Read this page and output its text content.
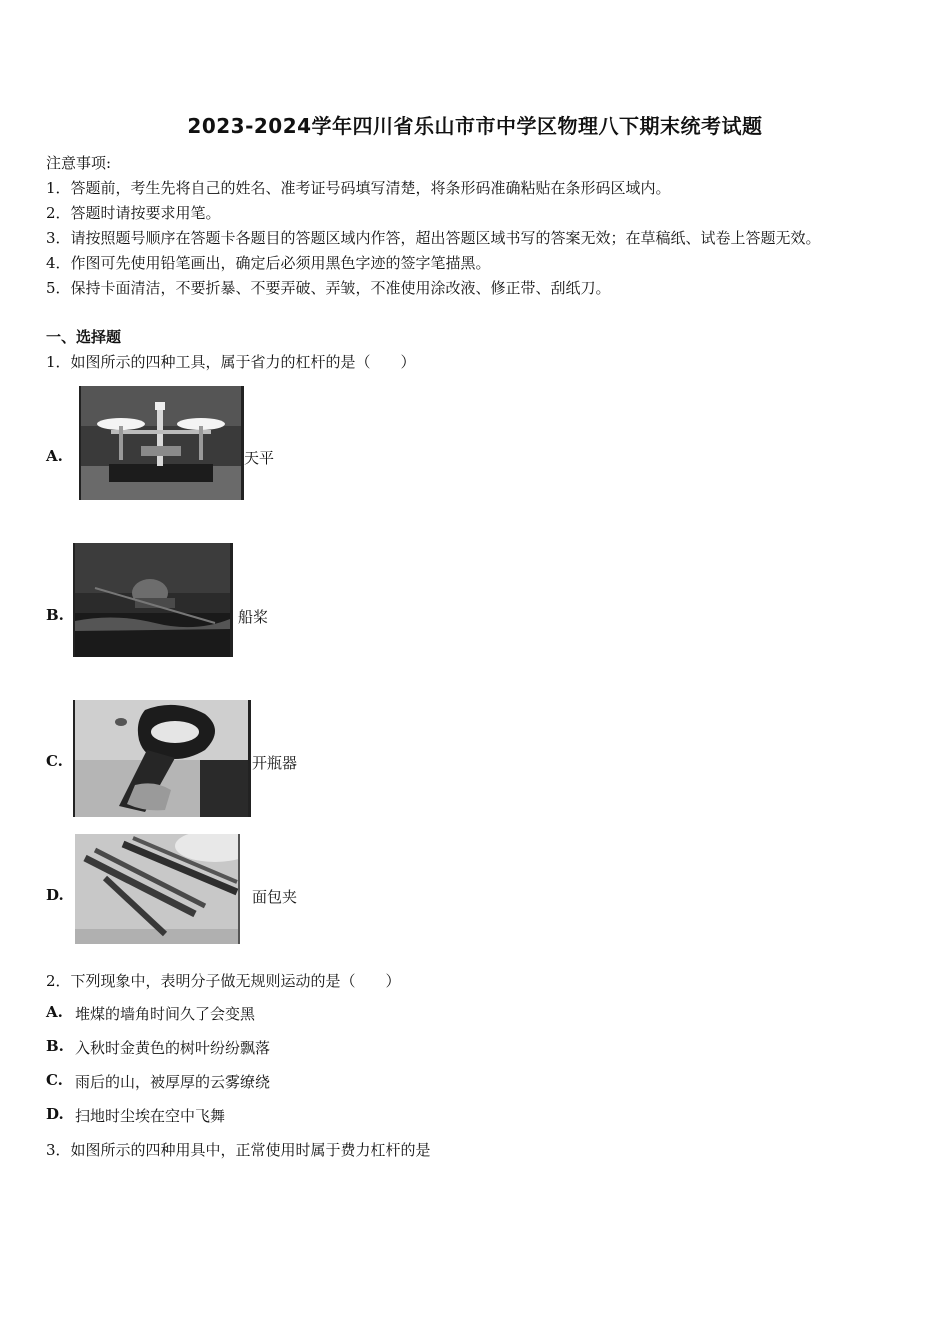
2023-2024学年四川省乐山市市中学区物理八下期末统考试题
注意事项:
1．答题前，考生先将自己的姓名、准考证号码填写清楚，将条形码准确粘贴在条形码区域内。
2．答题时请按要求用笔。
3．请按照题号顺序在答题卡各题目的答题区域内作答，超出答题区域书写的答案无效；在草稿纸、试卷上答题无效。
4．作图可先使用铅笔画出，确定后必须用黑色字迹的签字笔描黑。
5．保持卡面清洁，不要折暴、不要弄破、弄皱，不准使用涂改液、修正带、刮纸刀。
一、选择题
1．如图所示的四种工具，属于省力的杠杆的是（　　）
A.	天平
B.	船桨
C.	开瓶器
D.	面包夹
2．下列现象中，表明分子做无规则运动的是（　　）
A. 堆煤的墙角时间久了会变黑
B. 入秋时金黄色的树叶纷纷飘落
C. 雨后的山，被厚厚的云雾缭绕
D. 扫地时尘埃在空中飞舞
3．如图所示的四种用具中，正常使用时属于费力杠杆的是
